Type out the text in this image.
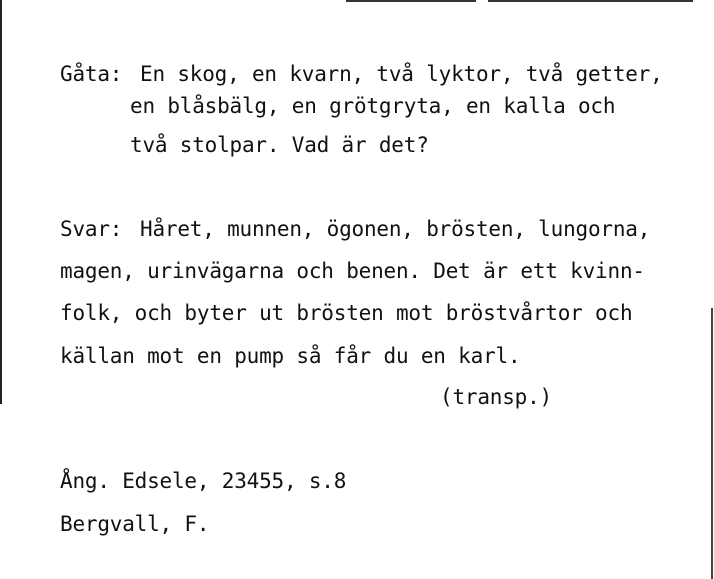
Gåta: En skog, en kvarn, två lyktor, två getter,
en blåsbälg, en grötgryta, en kalla och
två stolpar. Vad är det?
Svar: Håret, munnen, ögonen, brösten, lungorna,
magen, urinvägarna och benen. Det är ett kvinn-
folk, och byter ut brösten mot bröstvårtor och
källan mot en pump så får du en karl.
(transp.)
Ång. Edsele, 23455, s.8
Bergvall, F.
